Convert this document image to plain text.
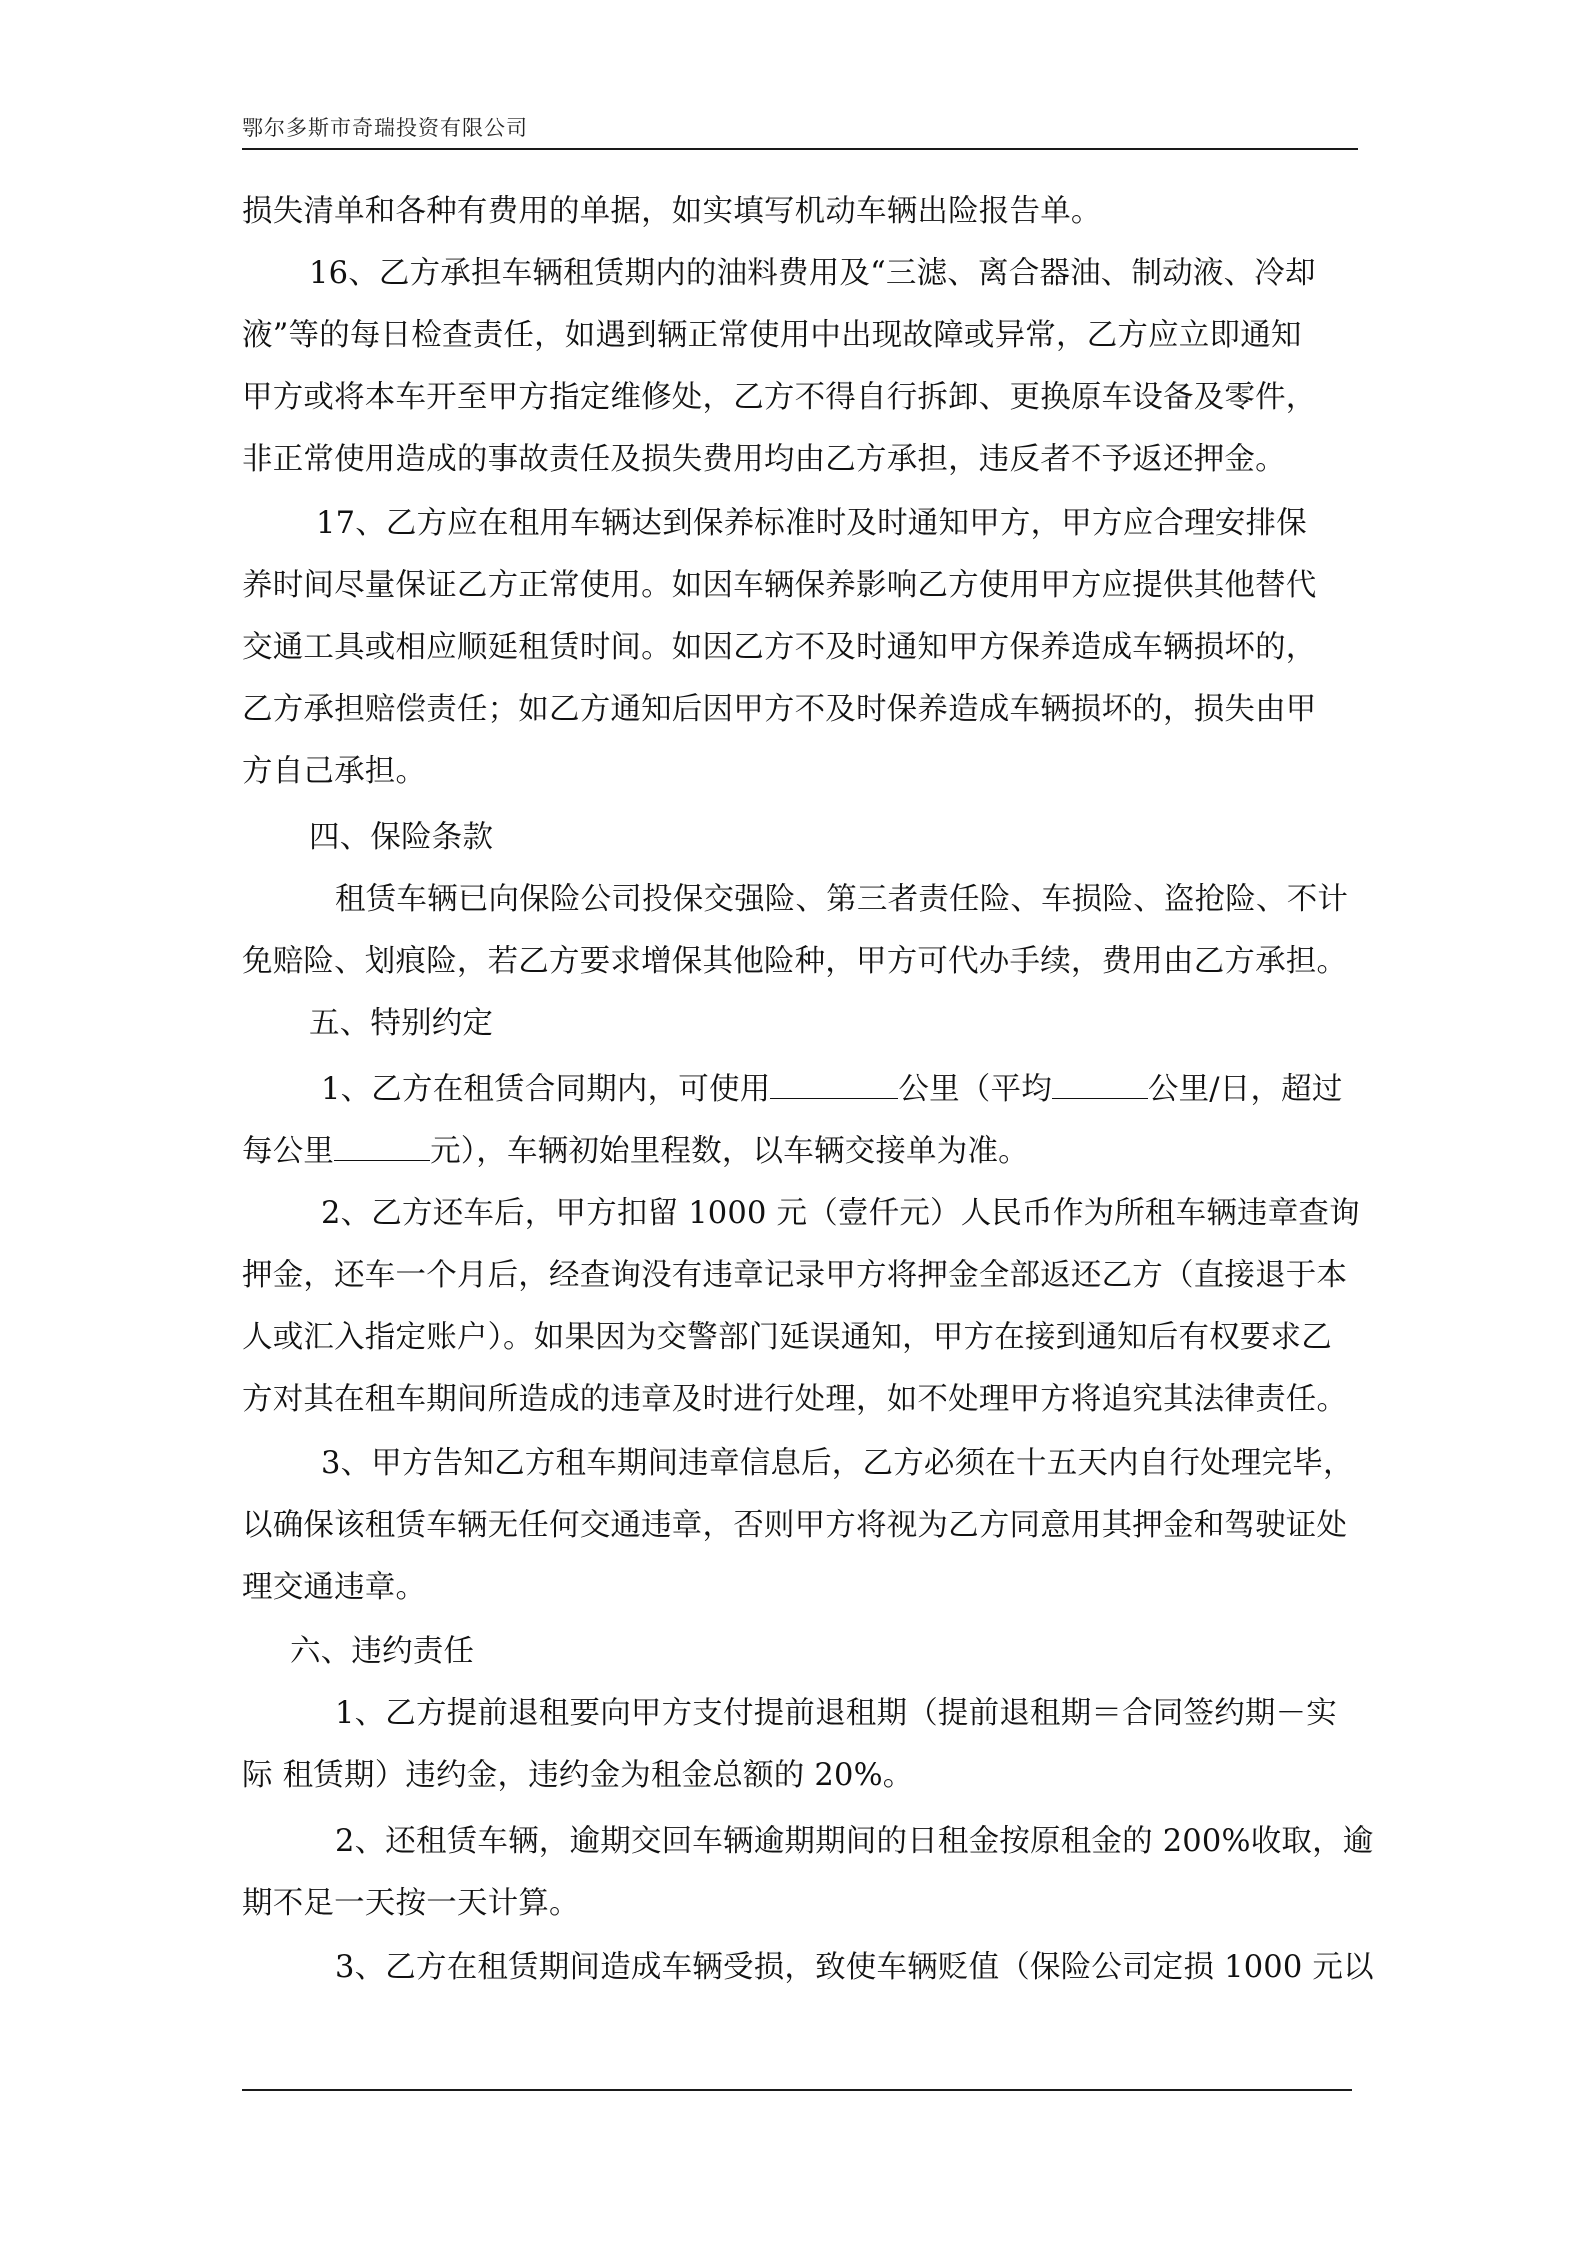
鄂尔多斯市奇瑞投资有限公司
损失清单和各种有费用的单据，如实填写机动车辆出险报告单。
16、乙方承担车辆租赁期内的油料费用及“三滤、离合器油、制动液、冷却
液”等的每日检查责任，如遇到辆正常使用中出现故障或异常，乙方应立即通知
甲方或将本车开至甲方指定维修处，乙方不得自行拆卸、更换原车设备及零件，
非正常使用造成的事故责任及损失费用均由乙方承担，违反者不予返还押金。
17、乙方应在租用车辆达到保养标准时及时通知甲方，甲方应合理安排保
养时间尽量保证乙方正常使用。如因车辆保养影响乙方使用甲方应提供其他替代
交通工具或相应顺延租赁时间。如因乙方不及时通知甲方保养造成车辆损坏的，
乙方承担赔偿责任；如乙方通知后因甲方不及时保养造成车辆损坏的，损失由甲
方自己承担。
四、保险条款
租赁车辆已向保险公司投保交强险、第三者责任险、车损险、盗抢险、不计
免赔险、划痕险，若乙方要求增保其他险种，甲方可代办手续，费用由乙方承担。
五、特别约定
1、乙方在租赁合同期内，可使用	公里（平均	公里/日，超过
每公里	元），车辆初始里程数，以车辆交接单为准。
2、乙方还车后，甲方扣留 1000 元（壹仟元）人民币作为所租车辆违章查询
押金，还车一个月后，经查询没有违章记录甲方将押金全部返还乙方（直接退于本
人或汇入指定账户）。如果因为交警部门延误通知，甲方在接到通知后有权要求乙
方对其在租车期间所造成的违章及时进行处理，如不处理甲方将追究其法律责任。
3、甲方告知乙方租车期间违章信息后，乙方必须在十五天内自行处理完毕，
以确保该租赁车辆无任何交通违章，否则甲方将视为乙方同意用其押金和驾驶证处
理交通违章。
六、违约责任
1、乙方提前退租要向甲方支付提前退租期（提前退租期＝合同签约期－实
际 租赁期）违约金，违约金为租金总额的 20%。
2、还租赁车辆，逾期交回车辆逾期期间的日租金按原租金的 200%收取，逾
期不足一天按一天计算。
3、乙方在租赁期间造成车辆受损，致使车辆贬值（保险公司定损 1000 元以
